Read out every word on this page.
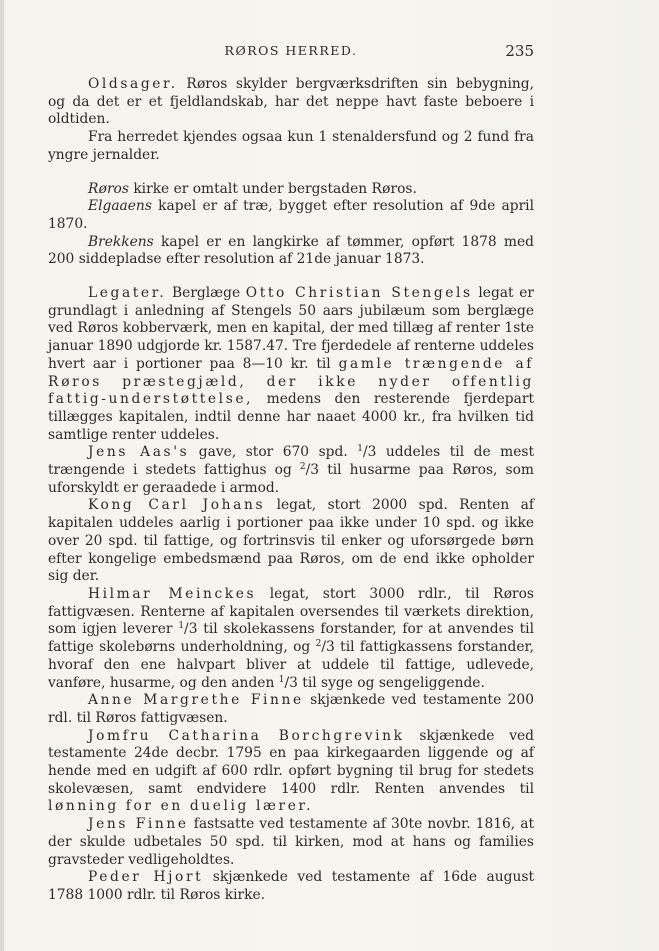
RØROS HERRED.	235

Oldsager. Røros skylder bergværksdriften sin bebygning, og da det er et fjeldlandskab, har det neppe havt faste beboere i oldtiden.

Fra herredet kjendes ogsaa kun 1 stenaldersfund og 2 fund fra yngre jernalder.

Røros kirke er omtalt under bergstaden Røros.

Elgaaens kapel er af træ, bygget efter resolution af 9de april 1870.

Brekkens kapel er en langkirke af tømmer, opført 1878 med 200 siddepladse efter resolution af 21de januar 1873.

Legater. Berglæge Otto Christian Stengels legat er grundlagt i anledning af Stengels 50 aars jubilæum som berglæge ved Røros kobberværk, men en kapital, der med tillæg af renter 1ste januar 1890 udgjorde kr. 1587.47. Tre fjerdedele af renterne uddeles hvert aar i portioner paa 8—10 kr. til gamle trængende af Røros præstegjæld, der ikke nyder offentlig fattig-understøttelse, medens den resterende fjerdepart tillægges kapitalen, indtil denne har naaet 4000 kr., fra hvilken tid samtlige renter uddeles.

Jens Aas's gave, stor 670 spd. $^1$/3 uddeles til de mest trængende i stedets fattighus og $^2$/3 til husarme paa Røros, som uforskyldt er geraadede i armod.

Kong Carl Johans legat, stort 2000 spd. Renten af kapitalen uddeles aarlig i portioner paa ikke under 10 spd. og ikke over 20 spd. til fattige, og fortrinsvis til enker og uforsørgede børn efter kongelige embedsmænd paa Røros, om de end ikke opholder sig der.

Hilmar Meinckes legat, stort 3000 rdlr., til Røros fattigvæsen. Renterne af kapitalen oversendes til værkets direktion, som igjen leverer $^1$/3 til skolekassens forstander, for at anvendes til fattige skolebørns underholdning, og $^2$/3 til fattigkassens forstander, hvoraf den ene halvpart bliver at uddele til fattige, udlevede, vanføre, husarme, og den anden $^1$/3 til syge og sengeliggende.

Anne Margrethe Finne skjænkede ved testamente 200 rdl. til Røros fattigvæsen.

Jomfru Catharina Borchgrevink skjænkede ved testamente 24de decbr. 1795 en paa kirkegaarden liggende og af hende med en udgift af 600 rdlr. opført bygning til brug for stedets skolevæsen, samt endvidere 1400 rdlr. Renten anvendes til lønning for en duelig lærer.

Jens Finne fastsatte ved testamente af 30te novbr. 1816, at der skulde udbetales 50 spd. til kirken, mod at hans og families gravsteder vedligeholdtes.

Peder Hjort skjænkede ved testamente af 16de august 1788 1000 rdlr. til Røros kirke.
